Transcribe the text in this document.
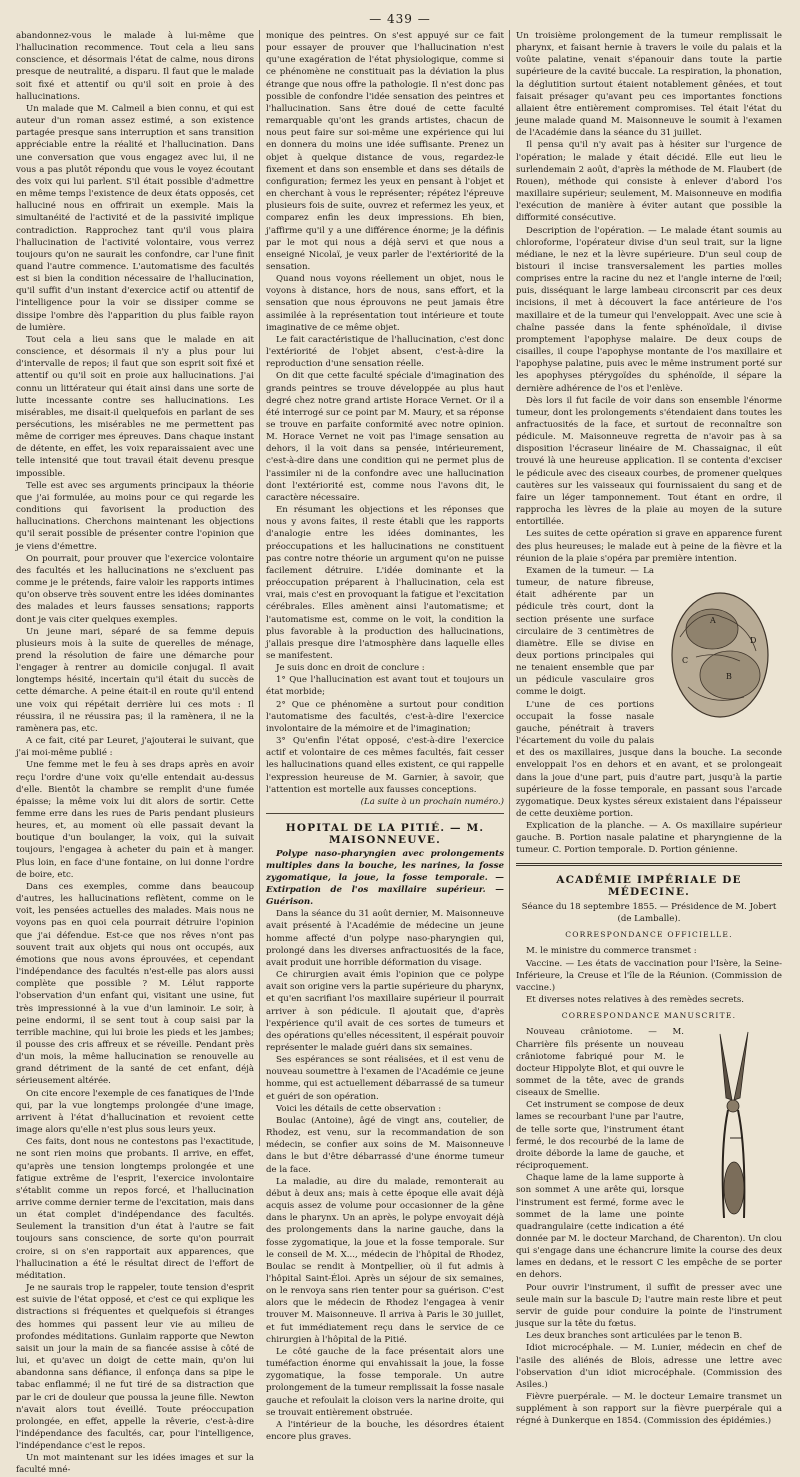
— 439 —

abandonnez-vous le malade à lui-même que l'hallucination recommence. Tout cela a lieu sans conscience, et désormais l'état de calme, nous dirons presque de neutralité, a disparu. Il faut que le malade soit fixé et attentif ou qu'il soit en proie à des hallucinations.

Un malade que M. Calmeil a bien connu, et qui est auteur d'un roman assez estimé, a son existence partagée presque sans interruption et sans transition appréciable entre la réalité et l'hallucination. Dans une conversation que vous engagez avec lui, il ne vous a pas plutôt répondu que vous le voyez écoutant des voix qui lui parlent. S'il était possible d'admettre en même temps l'existence de deux états opposés, cet halluciné nous en offrirait un exemple. Mais la simultanéité de l'activité et de la passivité implique contradiction. Rapprochez tant qu'il vous plaira l'hallucination de l'activité volontaire, vous verrez toujours qu'on ne saurait les confondre, car l'une finit quand l'autre commence. L'automatisme des facultés est si bien la condition nécessaire de l'hallucination, qu'il suffit d'un instant d'exercice actif ou attentif de l'intelligence pour la voir se dissiper comme se dissipe l'ombre dès l'apparition du plus faible rayon de lumière.

Tout cela a lieu sans que le malade en ait conscience, et désormais il n'y a plus pour lui d'intervalle de repos; il faut que son esprit soit fixé et attentif ou qu'il soit en proie aux hallucinations. J'ai connu un littérateur qui était ainsi dans une sorte de lutte incessante contre ses hallucinations. Les misérables, me disait-il quelquefois en parlant de ses persécutions, les misérables ne me permettent pas même de corriger mes épreuves. Dans chaque instant de détente, en effet, les voix reparaissaient avec une telle intensité que tout travail était devenu presque impossible.

Telle est avec ses arguments principaux la théorie que j'ai formulée, au moins pour ce qui regarde les conditions qui favorisent la production des hallucinations. Cherchons maintenant les objections qu'il serait possible de présenter contre l'opinion que je viens d'émettre.

On pourrait, pour prouver que l'exercice volontaire des facultés et les hallucinations ne s'excluent pas comme je le prétends, faire valoir les rapports intimes qu'on observe très souvent entre les idées dominantes des malades et leurs fausses sensations; rapports dont je vais citer quelques exemples.

Un jeune mari, séparé de sa femme depuis plusieurs mois à la suite de querelles de ménage, prend la résolution de faire une démarche pour l'engager à rentrer au domicile conjugal. Il avait longtemps hésité, incertain qu'il était du succès de cette démarche. A peine était-il en route qu'il entend une voix qui répétait derrière lui ces mots : Il réussira, il ne réussira pas; il la ramènera, il ne la ramènera pas, etc.

A ce fait, cité par Leuret, j'ajouterai le suivant, que j'ai moi-même publié :

Une femme met le feu à ses draps après en avoir reçu l'ordre d'une voix qu'elle entendait au-dessus d'elle. Bientôt la chambre se remplit d'une fumée épaisse; la même voix lui dit alors de sortir. Cette femme erre dans les rues de Paris pendant plusieurs heures, et, au moment où elle passait devant la boutique d'un boulanger, la voix, qui la suivait toujours, l'engagea à acheter du pain et à manger. Plus loin, en face d'une fontaine, on lui donne l'ordre de boire, etc.

Dans ces exemples, comme dans beaucoup d'autres, les hallucinations reflètent, comme on le voit, les pensées actuelles des malades. Mais nous ne voyons pas en quoi cela pourrait détruire l'opinion que j'ai défendue. Est-ce que nos rêves n'ont pas souvent trait aux objets qui nous ont occupés, aux émotions que nous avons éprouvées, et cependant l'indépendance des facultés n'est-elle pas alors aussi complète que possible ? M. Lélut rapporte l'observation d'un enfant qui, visitant une usine, fut très impressionné à la vue d'un laminoir. Le soir, à peine endormi, il se sent tout à coup saisi par la terrible machine, qui lui broie les pieds et les jambes; il pousse des cris affreux et se réveille. Pendant près d'un mois, la même hallucination se renouvelle au grand détriment de la santé de cet enfant, déjà sérieusement altérée.

On cite encore l'exemple de ces fanatiques de l'Inde qui, par la vue longtemps prolongée d'une image, arrivent à l'état d'hallucination et revoient cette image alors qu'elle n'est plus sous leurs yeux.

Ces faits, dont nous ne contestons pas l'exactitude, ne sont rien moins que probants. Il arrive, en effet, qu'après une tension longtemps prolongée et une fatigue extrême de l'esprit, l'exercice involontaire s'établit comme un repos forcé, et l'hallucination arrive comme dernier terme de l'excitation, mais dans un état complet d'indépendance des facultés. Seulement la transition d'un état à l'autre se fait toujours sans conscience, de sorte qu'on pourrait croire, si on s'en rapportait aux apparences, que l'hallucination a été le résultat direct de l'effort de méditation.

Je ne saurais trop le rappeler, toute tension d'esprit est suivie de l'état opposé, et c'est ce qui explique les distractions si fréquentes et quelquefois si étranges des hommes qui passent leur vie au milieu de profondes méditations. Gunlaim rapporte que Newton saisit un jour la main de sa fiancée assise à côté de lui, et qu'avec un doigt de cette main, qu'on lui abandonna sans défiance, il enfonça dans sa pipe le tabac enflammé; il ne fut tiré de sa distraction que par le cri de douleur que poussa la jeune fille. Newton n'avait alors tout éveillé. Toute préoccupation prolongée, en effet, appelle la rêverie, c'est-à-dire l'indépendance des facultés, car, pour l'intelligence, l'indépendance c'est le repos.

Un mot maintenant sur les idées images et sur la faculté mné-

monique des peintres. On s'est appuyé sur ce fait pour essayer de prouver que l'hallucination n'est qu'une exagération de l'état physiologique, comme si ce phénomène ne constituait pas la déviation la plus étrange que nous offre la pathologie. Il n'est donc pas possible de confondre l'idée sensation des peintres et l'hallucination. Sans être doué de cette faculté remarquable qu'ont les grands artistes, chacun de nous peut faire sur soi-même une expérience qui lui en donnera du moins une idée suffisante. Prenez un objet à quelque distance de vous, regardez-le fixement et dans son ensemble et dans ses détails de configuration; fermez les yeux en pensant à l'objet et en cherchant à vous le représenter; répétez l'épreuve plusieurs fois de suite, ouvrez et refermez les yeux, et comparez enfin les deux impressions. Eh bien, j'affirme qu'il y a une différence énorme; je la définis par le mot qui nous a déjà servi et que nous a enseigné Nicolaï, je veux parler de l'extériorité de la sensation.

Quand nous voyons réellement un objet, nous le voyons à distance, hors de nous, sans effort, et la sensation que nous éprouvons ne peut jamais être assimilée à la représentation tout intérieure et toute imaginative de ce même objet.

Le fait caractéristique de l'hallucination, c'est donc l'extériorité de l'objet absent, c'est-à-dire la reproduction d'une sensation réelle.

On dit que cette faculté spéciale d'imagination des grands peintres se trouve développée au plus haut degré chez notre grand artiste Horace Vernet. Or il a été interrogé sur ce point par M. Maury, et sa réponse se trouve en parfaite conformité avec notre opinion. M. Horace Vernet ne voit pas l'image sensation au dehors, il la voit dans sa pensée, intérieurement, c'est-à-dire dans une condition qui ne permet plus de l'assimiler ni de la confondre avec une hallucination dont l'extériorité est, comme nous l'avons dit, le caractère nécessaire.

En résumant les objections et les réponses que nous y avons faites, il reste établi que les rapports d'analogie entre les idées dominantes, les préoccupations et les hallucinations ne constituent pas contre notre théorie un argument qu'on ne puisse facilement détruire. L'idée dominante et la préoccupation préparent à l'hallucination, cela est vrai, mais c'est en provoquant la fatigue et l'excitation cérébrales. Elles amènent ainsi l'automatisme; et l'automatisme est, comme on le voit, la condition la plus favorable à la production des hallucinations, j'allais presque dire l'atmosphère dans laquelle elles se manifestent.

Je suis donc en droit de conclure :

1° Que l'hallucination est avant tout et toujours un état morbide;

2° Que ce phénomène a surtout pour condition l'automatisme des facultés, c'est-à-dire l'exercice involontaire de la mémoire et de l'imagination;

3° Qu'enfin l'état opposé, c'est-à-dire l'exercice actif et volontaire de ces mêmes facultés, fait cesser les hallucinations quand elles existent, ce qui rappelle l'expression heureuse de M. Garnier, à savoir, que l'attention est mortelle aux fausses conceptions.

(La suite à un prochain numéro.)

HOPITAL DE LA PITIÉ. — M. MAISONNEUVE.

Polype naso-pharyngien avec prolongements multiples dans la bouche, les narines, la fosse zygomatique, la joue, la fosse temporale. — Extirpation de l'os maxillaire supérieur. — Guérison.

Dans la séance du 31 août dernier, M. Maisonneuve avait présenté à l'Académie de médecine un jeune homme affecté d'un polype naso-pharyngien qui, prolongé dans les diverses anfractuosités de la face, avait produit une horrible déformation du visage.

Ce chirurgien avait émis l'opinion que ce polype avait son origine vers la partie supérieure du pharynx, et qu'en sacrifiant l'os maxillaire supérieur il pourrait arriver à son pédicule. Il ajoutait que, d'après l'expérience qu'il avait de ces sortes de tumeurs et des opérations qu'elles nécessitent, il espérait pouvoir représenter le malade guéri dans six semaines.

Ses espérances se sont réalisées, et il est venu de nouveau soumettre à l'examen de l'Académie ce jeune homme, qui est actuellement débarrassé de sa tumeur et guéri de son opération.

Voici les détails de cette observation :

Boulac (Antoine), âgé de vingt ans, coutelier, de Rhodez, est venu, sur la recommandation de son médecin, se confier aux soins de M. Maisonneuve dans le but d'être débarrassé d'une énorme tumeur de la face.

La maladie, au dire du malade, remonterait au début à deux ans; mais à cette époque elle avait déjà acquis assez de volume pour occasionner de la gêne dans le pharynx. Un an après, le polype envoyait déjà des prolongements dans la narine gauche, dans la fosse zygomatique, la joue et la fosse temporale. Sur le conseil de M. X..., médecin de l'hôpital de Rhodez, Boulac se rendit à Montpellier, où il fut admis à l'hôpital Saint-Éloi. Après un séjour de six semaines, on le renvoya sans rien tenter pour sa guérison. C'est alors que le médecin de Rhodez l'engagea à venir trouver M. Maisonneuve. Il arriva à Paris le 30 juillet, et fut immédiatement reçu dans le service de ce chirurgien à l'hôpital de la Pitié.

Le côté gauche de la face présentait alors une tuméfaction énorme qui envahissait la joue, la fosse zygomatique, la fosse temporale. Un autre prolongement de la tumeur remplissait la fosse nasale gauche et refoulait la cloison vers la narine droite, qui se trouvait entièrement obstruée.

A l'intérieur de la bouche, les désordres étaient encore plus graves.

Un troisième prolongement de la tumeur remplissait le pharynx, et faisant hernie à travers le voile du palais et la voûte palatine, venait s'épanouir dans toute la partie supérieure de la cavité buccale. La respiration, la phonation, la déglutition surtout étaient notablement gênées, et tout faisait présager qu'avant peu ces importantes fonctions allaient être entièrement compromises. Tel était l'état du jeune malade quand M. Maisonneuve le soumit à l'examen de l'Académie dans la séance du 31 juillet.

Il pensa qu'il n'y avait pas à hésiter sur l'urgence de l'opération; le malade y était décidé. Elle eut lieu le surlendemain 2 août, d'après la méthode de M. Flaubert (de Rouen), méthode qui consiste à enlever d'abord l'os maxillaire supérieur; seulement, M. Maisonneuve en modifia l'exécution de manière à éviter autant que possible la difformité consécutive.

Description de l'opération. — Le malade étant soumis au chloroforme, l'opérateur divise d'un seul trait, sur la ligne médiane, le nez et la lèvre supérieure. D'un seul coup de bistouri il incise transversalement les parties molles comprises entre la racine du nez et l'angle interne de l'œil; puis, disséquant le large lambeau circonscrit par ces deux incisions, il met à découvert la face antérieure de l'os maxillaire et de la tumeur qui l'enveloppait. Avec une scie à chaîne passée dans la fente sphénoïdale, il divise promptement l'apophyse malaire. De deux coups de cisailles, il coupe l'apophyse montante de l'os maxillaire et l'apophyse palatine, puis avec le même instrument porté sur les apophyses ptérygoïdes du sphénoïde, il sépare la dernière adhérence de l'os et l'enlève.

Dès lors il fut facile de voir dans son ensemble l'énorme tumeur, dont les prolongements s'étendaient dans toutes les anfractuosités de la face, et surtout de reconnaître son pédicule. M. Maisonneuve regretta de n'avoir pas à sa disposition l'écraseur linéaire de M. Chassaignac, il eût trouvé là une heureuse application. Il se contenta d'exciser le pédicule avec des ciseaux courbes, de promener quelques cautères sur les vaisseaux qui fournissaient du sang et de faire un léger tamponnement. Tout étant en ordre, il rapprocha les lèvres de la plaie au moyen de la suture entortillée.

Les suites de cette opération si grave en apparence furent des plus heureuses; le malade eut à peine de la fièvre et la réunion de la plaie s'opéra par première intention.

A
B
C
D

Examen de la tumeur. — La tumeur, de nature fibreuse, était adhérente par un pédicule très court, dont la section présente une surface circulaire de 3 centimètres de diamètre. Elle se divise en deux portions principales qui ne tenaient ensemble que par un pédicule vasculaire gros comme le doigt.

L'une de ces portions occupait la fosse nasale gauche, pénétrait à travers l'écartement du voile du palais et des os maxillaires, jusque dans la bouche. La seconde enveloppait l'os en dehors et en avant, et se prolongeait dans la joue d'une part, puis d'autre part, jusqu'à la partie supérieure de la fosse temporale, en passant sous l'arcade zygomatique. Deux kystes séreux existaient dans l'épaisseur de cette deuxième portion.

Explication de la planche. — A. Os maxillaire supérieur gauche. B. Portion nasale palatine et pharyngienne de la tumeur. C. Portion temporale. D. Portion génienne.

ACADÉMIE IMPÉRIALE DE MÉDECINE.

Séance du 18 septembre 1855. — Présidence de M. Jobert (de Lamballe).

CORRESPONDANCE OFFICIELLE.

M. le ministre du commerce transmet :

Vaccine. — Les états de vaccination pour l'Isère, la Seine-Inférieure, la Creuse et l'île de la Réunion. (Commission de vaccine.)

Et diverses notes relatives à des remèdes secrets.

CORRESPONDANCE MANUSCRITE.

Nouveau crâniotome. — M. Charrière fils présente un nouveau crâniotome fabriqué pour M. le docteur Hippolyte Blot, et qui ouvre le sommet de la tête, avec de grands ciseaux de Smellie.

Cet instrument se compose de deux lames se recourbant l'une par l'autre, de telle sorte que, l'instrument étant fermé, le dos recourbé de la lame de droite déborde la lame de gauche, et réciproquement.

Chaque lame de la lame supporte à son sommet A une arête qui, lorsque l'instrument est fermé, forme avec le sommet de la lame une pointe quadrangulaire (cette indication a été donnée par M. le docteur Marchand, de Charenton). Un clou qui s'engage dans une échancrure limite la course des deux lames en dedans, et le ressort C les empêche de se porter en dehors.

Pour ouvrir l'instrument, il suffit de presser avec une seule main sur la bascule D; l'autre main reste libre et peut servir de guide pour conduire la pointe de l'instrument jusque sur la tête du fœtus.

Les deux branches sont articulées par le tenon B.

Idiot microcéphale. — M. Lunier, médecin en chef de l'asile des aliénés de Blois, adresse une lettre avec l'observation d'un idiot microcéphale. (Commission des Asiles.)

Fièvre puerpérale. — M. le docteur Lemaire transmet un supplément à son rapport sur la fièvre puerpérale qui a régné à Dunkerque en 1854. (Commission des épidémies.)
